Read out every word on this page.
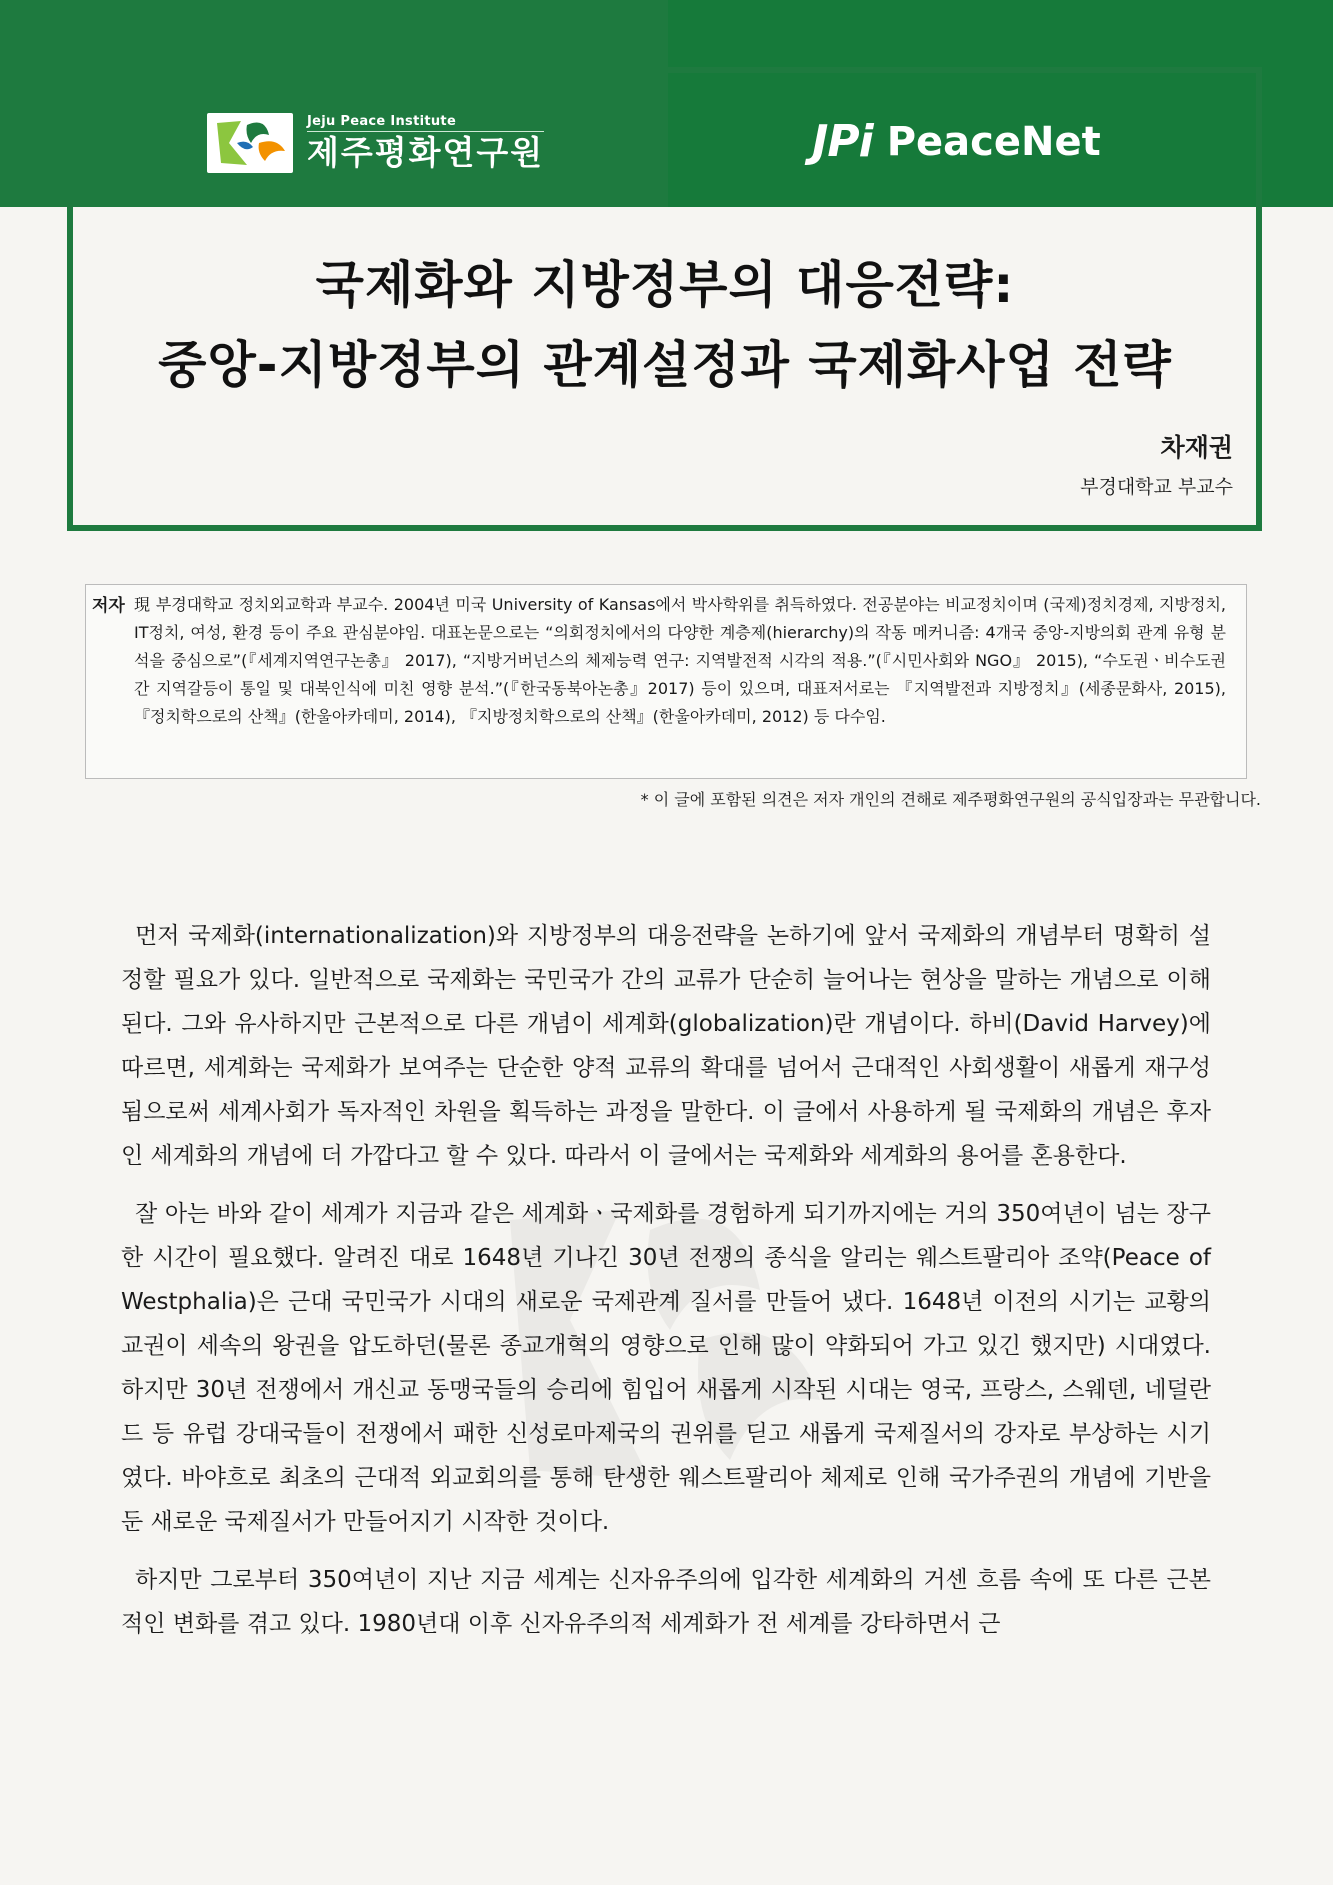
Jeju Peace Institute
제주평화연구원	JPi PeaceNet
국제화와 지방정부의 대응전략:
중앙-지방정부의 관계설정과 국제화사업 전략
차재권
부경대학교 부교수
저자 現 부경대학교 정치외교학과 부교수. 2004년 미국 University of Kansas에서 박사학위를 취득하였다. 전공분야는 비교정치이며 (국제)정치경제, 지방정치, IT정치, 여성, 환경 등이 주요 관심분야임. 대표논문으로는 “의회정치에서의 다양한 계층제(hierarchy)의 작동 메커니즘: 4개국 중앙-지방의회 관계 유형 분석을 중심으로”(『세계지역연구논총』 2017), “지방거버넌스의 체제능력 연구: 지역발전적 시각의 적용.”(『시민사회와 NGO』 2015), “수도권ㆍ비수도권 간 지역갈등이 통일 및 대북인식에 미친 영향 분석.”(『한국동북아논총』2017) 등이 있으며, 대표저서로는 『지역발전과 지방정치』(세종문화사, 2015),『정치학으로의 산책』(한울아카데미, 2014), 『지방정치학으로의 산책』(한울아카데미, 2012) 등 다수임.
* 이 글에 포함된 의견은 저자 개인의 견해로 제주평화연구원의 공식입장과는 무관합니다.

먼저 국제화(internationalization)와 지방정부의 대응전략을 논하기에 앞서 국제화의 개념부터 명확히 설정할 필요가 있다. 일반적으로 국제화는 국민국가 간의 교류가 단순히 늘어나는 현상을 말하는 개념으로 이해된다. 그와 유사하지만 근본적으로 다른 개념이 세계화(globalization)란 개념이다. 하비(David Harvey)에 따르면, 세계화는 국제화가 보여주는 단순한 양적 교류의 확대를 넘어서 근대적인 사회생활이 새롭게 재구성됨으로써 세계사회가 독자적인 차원을 획득하는 과정을 말한다. 이 글에서 사용하게 될 국제화의 개념은 후자인 세계화의 개념에 더 가깝다고 할 수 있다. 따라서 이 글에서는 국제화와 세계화의 용어를 혼용한다.

잘 아는 바와 같이 세계가 지금과 같은 세계화ㆍ국제화를 경험하게 되기까지에는 거의 350여년이 넘는 장구한 시간이 필요했다. 알려진 대로 1648년 기나긴 30년 전쟁의 종식을 알리는 웨스트팔리아 조약(Peace of Westphalia)은 근대 국민국가 시대의 새로운 국제관계 질서를 만들어 냈다. 1648년 이전의 시기는 교황의 교권이 세속의 왕권을 압도하던(물론 종교개혁의 영향으로 인해 많이 약화되어 가고 있긴 했지만) 시대였다. 하지만 30년 전쟁에서 개신교 동맹국들의 승리에 힘입어 새롭게 시작된 시대는 영국, 프랑스, 스웨덴, 네덜란드 등 유럽 강대국들이 전쟁에서 패한 신성로마제국의 권위를 딛고 새롭게 국제질서의 강자로 부상하는 시기였다. 바야흐로 최초의 근대적 외교회의를 통해 탄생한 웨스트팔리아 체제로 인해 국가주권의 개념에 기반을 둔 새로운 국제질서가 만들어지기 시작한 것이다.

하지만 그로부터 350여년이 지난 지금 세계는 신자유주의에 입각한 세계화의 거센 흐름 속에 또 다른 근본적인 변화를 겪고 있다. 1980년대 이후 신자유주의적 세계화가 전 세계를 강타하면서 근
